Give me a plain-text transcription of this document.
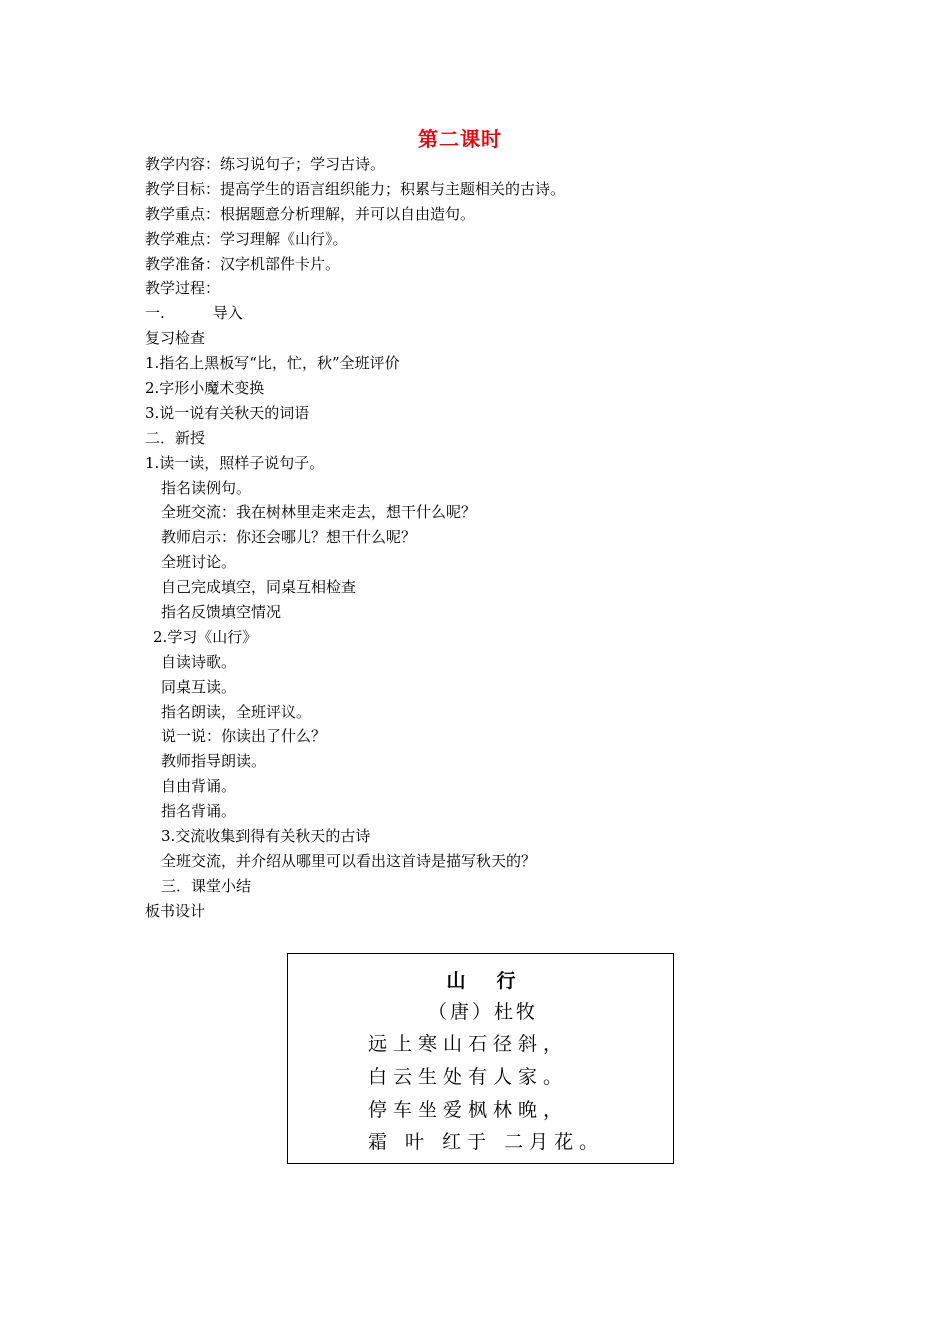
第二课时
教学内容：练习说句子；学习古诗。
教学目标：提高学生的语言组织能力；积累与主题相关的古诗。
教学重点：根据题意分析理解，并可以自由造句。
教学难点：学习理解《山行》。
教学准备：汉字机部件卡片。
教学过程：
一.	导入
复习检查
1.指名上黑板写“比，忙，秋”全班评价
2.字形小魔术变换
3.说一说有关秋天的词语
二．新授
1.读一读，照样子说句子。
指名读例句。
全班交流：我在树林里走来走去，想干什么呢？
教师启示：你还会哪儿？想干什么呢？
全班讨论。
自己完成填空，同桌互相检查
指名反馈填空情况
2.学习《山行》
自读诗歌。
同桌互读。
指名朗读，全班评议。
说一说：你读出了什么？
教师指导朗读。
自由背诵。
指名背诵。
3.交流收集到得有关秋天的古诗
全班交流，并介绍从哪里可以看出这首诗是描写秋天的？
三．课堂小结
板书设计
山 行
（唐）杜牧
远上寒山石径斜，
白云生处有人家。
停车坐爱枫林晚，
霜 叶 红于 二月花。
